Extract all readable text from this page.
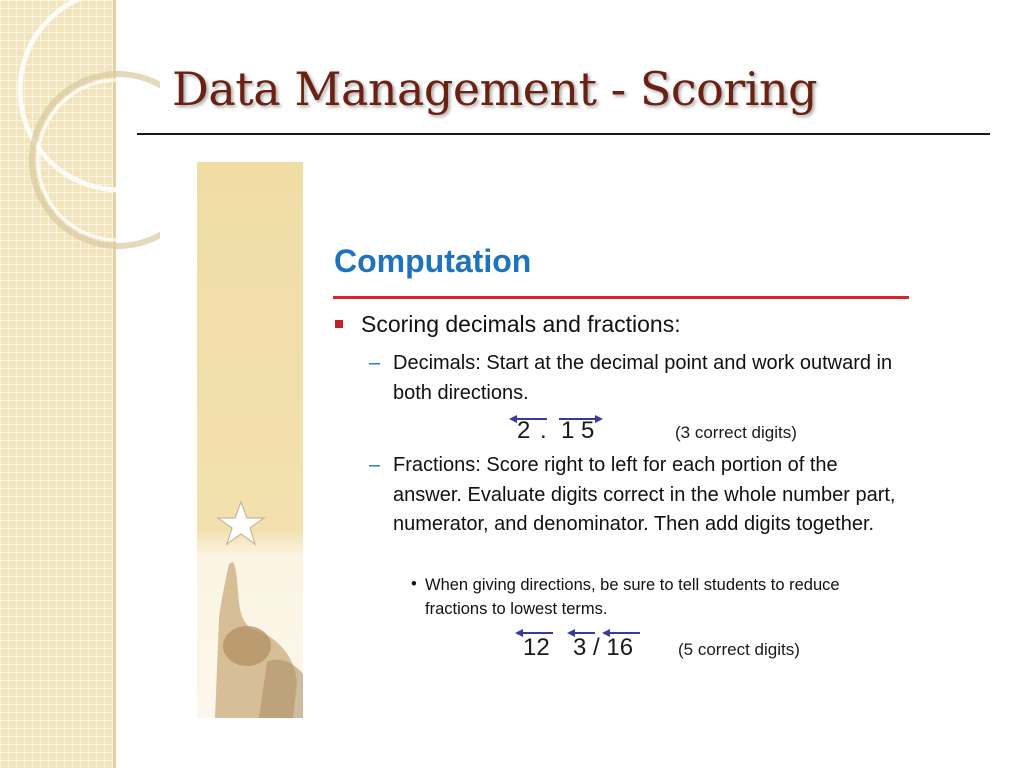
Data Management - Scoring
Computation
Scoring decimals and fractions:
– Decimals: Start at the decimal point and work outward in both directions.
2 . 1 5	(3 correct digits)
– Fractions: Score right to left for each portion of the answer. Evaluate digits correct in the whole number part, numerator, and denominator. Then add digits together.
• When giving directions, be sure to tell students to reduce fractions to lowest terms.
12 3 / 16	(5 correct digits)
